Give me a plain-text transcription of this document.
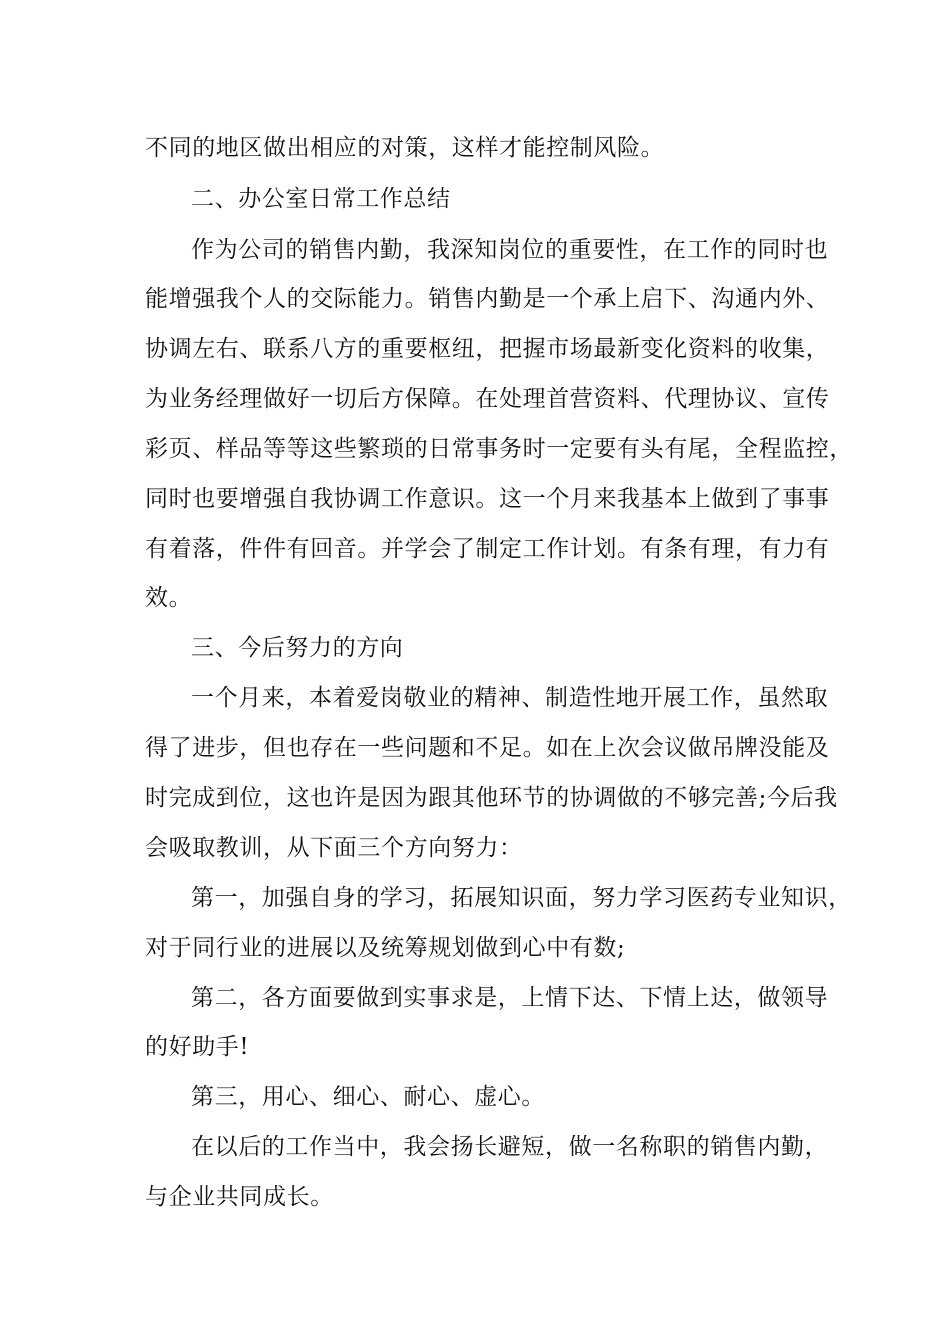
不同的地区做出相应的对策，这样才能控制风险。
二、办公室日常工作总结
作为公司的销售内勤，我深知岗位的重要性，在工作的同时也
能增强我个人的交际能力。销售内勤是一个承上启下、沟通内外、
协调左右、联系八方的重要枢纽，把握市场最新变化资料的收集，
为业务经理做好一切后方保障。在处理首营资料、代理协议、宣传
彩页、样品等等这些繁琐的日常事务时一定要有头有尾，全程监控，
同时也要增强自我协调工作意识。这一个月来我基本上做到了事事
有着落，件件有回音。并学会了制定工作计划。有条有理，有力有
效。
三、今后努力的方向
一个月来，本着爱岗敬业的精神、制造性地开展工作，虽然取
得了进步，但也存在一些问题和不足。如在上次会议做吊牌没能及
时完成到位，这也许是因为跟其他环节的协调做的不够完善;今后我
会吸取教训，从下面三个方向努力：
第一，加强自身的学习，拓展知识面，努力学习医药专业知识，
对于同行业的进展以及统筹规划做到心中有数;
第二，各方面要做到实事求是，上情下达、下情上达，做领导
的好助手!
第三，用心、细心、耐心、虚心。
在以后的工作当中，我会扬长避短，做一名称职的销售内勤，
与企业共同成长。
